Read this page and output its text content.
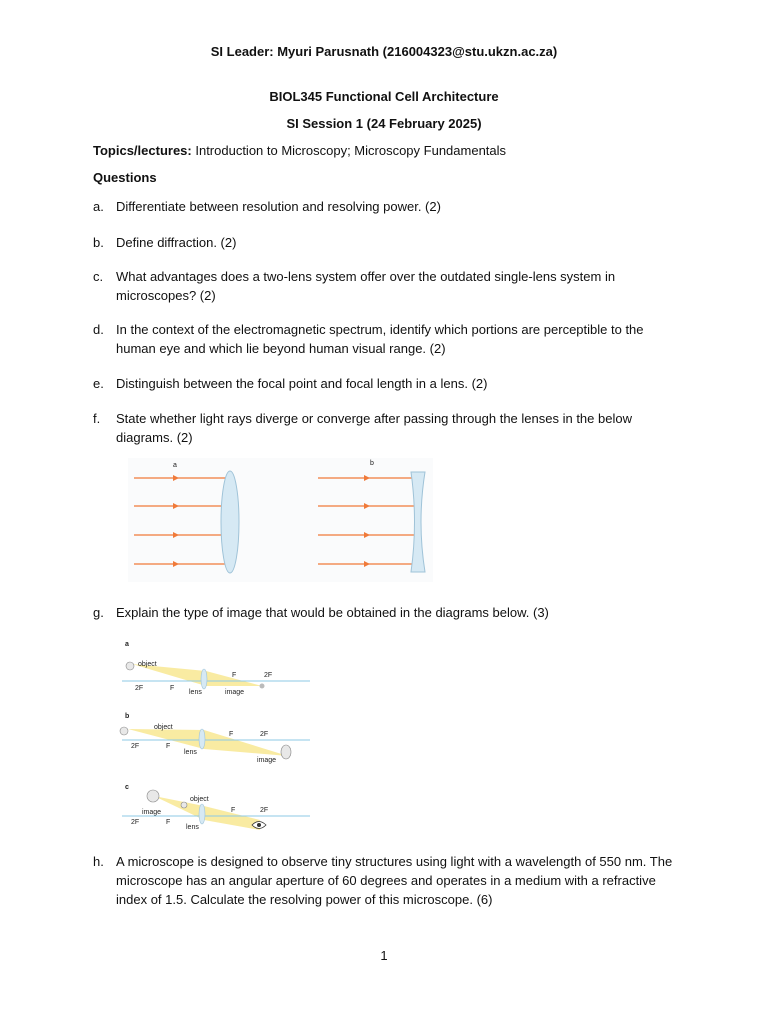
SI Leader: Myuri Parusnath (216004323@stu.ukzn.ac.za)
BIOL345 Functional Cell Architecture
SI Session 1 (24 February 2025)
Topics/lectures: Introduction to Microscopy; Microscopy Fundamentals
Questions
a. Differentiate between resolution and resolving power. (2)
b. Define diffraction. (2)
c. What advantages does a two-lens system offer over the outdated single-lens system in microscopes? (2)
d. In the context of the electromagnetic spectrum, identify which portions are perceptible to the human eye and which lie beyond human visual range. (2)
e. Distinguish between the focal point and focal length in a lens. (2)
f. State whether light rays diverge or converge after passing through the lenses in the below diagrams. (2)
a	b
g. Explain the type of image that would be obtained in the diagrams below. (3)
a
object
2F	F
lens
F	2F
image
b
object
2F	F
lens
F	2F
image
c
object
image
2F	F
lens
F	2F
h. A microscope is designed to observe tiny structures using light with a wavelength of 550 nm. The microscope has an angular aperture of 60 degrees and operates in a medium with a refractive index of 1.5. Calculate the resolving power of this microscope. (6)
1
